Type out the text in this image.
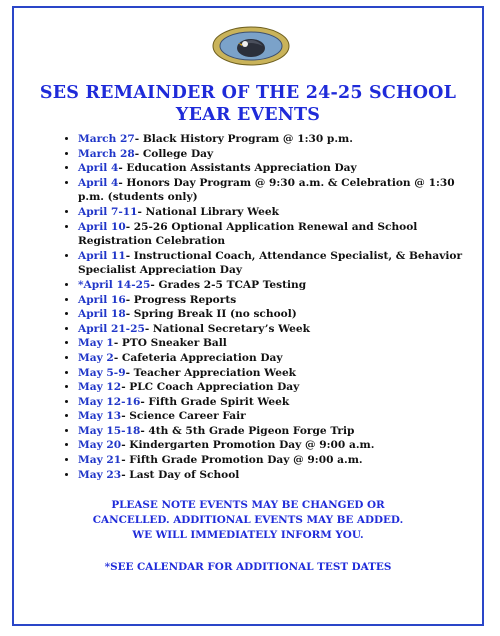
SES REMAINDER OF THE 24-25 SCHOOL
YEAR EVENTS
• March 27- Black History Program @ 1:30 p.m.
• March 28- College Day
• April 4- Education Assistants Appreciation Day
• April 4- Honors Day Program @ 9:30 a.m. & Celebration @ 1:30 p.m. (students only)
• April 7-11- National Library Week
• April 10- 25-26 Optional Application Renewal and School Registration Celebration
• April 11- Instructional Coach, Attendance Specialist, & Behavior Specialist Appreciation Day
• *April 14-25- Grades 2-5 TCAP Testing
• April 16- Progress Reports
• April 18- Spring Break II (no school)
• April 21-25- National Secretary’s Week
• May 1- PTO Sneaker Ball
• May 2- Cafeteria Appreciation Day
• May 5-9- Teacher Appreciation Week
• May 12- PLC Coach Appreciation Day
• May 12-16- Fifth Grade Spirit Week
• May 13- Science Career Fair
• May 15-18- 4th & 5th Grade Pigeon Forge Trip
• May 20- Kindergarten Promotion Day @ 9:00 a.m.
• May 21- Fifth Grade Promotion Day @ 9:00 a.m.
• May 23- Last Day of School
PLEASE NOTE EVENTS MAY BE CHANGED OR
CANCELLED. ADDITIONAL EVENTS MAY BE ADDED.
WE WILL IMMEDIATELY INFORM YOU.
*SEE CALENDAR FOR ADDITIONAL TEST DATES
